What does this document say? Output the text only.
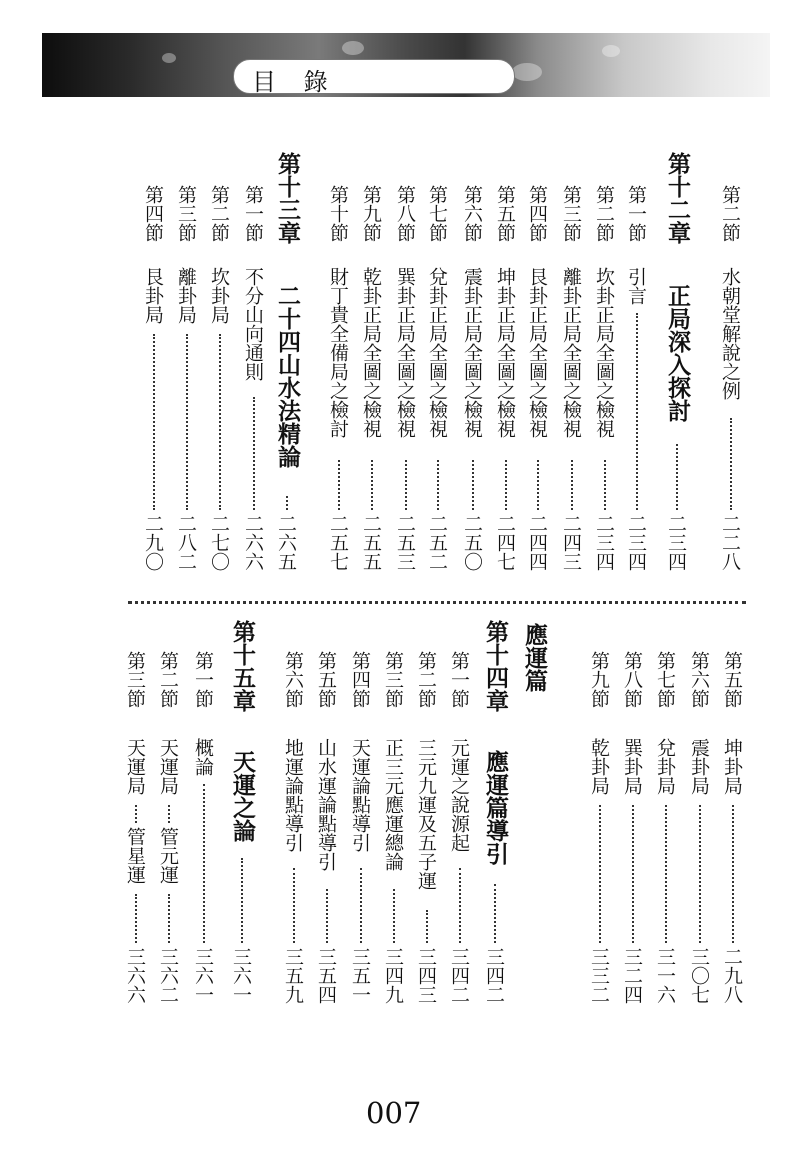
目 錄
007
第二節
水朝堂解說之例
二二八
第十二章
正局深入探討
二三四
第一節
引言
二三四
第二節
坎卦正局全圖之檢視
二三四
第三節
離卦正局全圖之檢視
二四三
第四節
艮卦正局全圖之檢視
二四四
第五節
坤卦正局全圖之檢視
二四七
第六節
震卦正局全圖之檢視
二五〇
第七節
兌卦正局全圖之檢視
二五二
第八節
巽卦正局全圖之檢視
二五三
第九節
乾卦正局全圖之檢視
二五五
第十節
財丁貴全備局之檢討
二五七
第十三章
二十四山水法精論
二六五
第一節
不分山向通則
二六六
第二節
坎卦局
二七〇
第三節
離卦局
二八二
第四節
艮卦局
二九〇
第五節
坤卦局
二九八
第六節
震卦局
三〇七
第七節
兌卦局
三一六
第八節
巽卦局
三二四
第九節
乾卦局
三三二
應運篇
第十四章
應運篇導引
三四二
第一節
元運之說源起
三四二
第二節
三元九運及五子運
三四三
第三節
正三元應運總論
三四九
第四節
天運論點導引
三五一
第五節
山水運論點導引
三五四
第六節
地運論點導引
三五九
第十五章
天運之論
三六一
第一節
概論
三六一
第二節
天運局
三六二
管元運
第三節
天運局
三六六
管星運
